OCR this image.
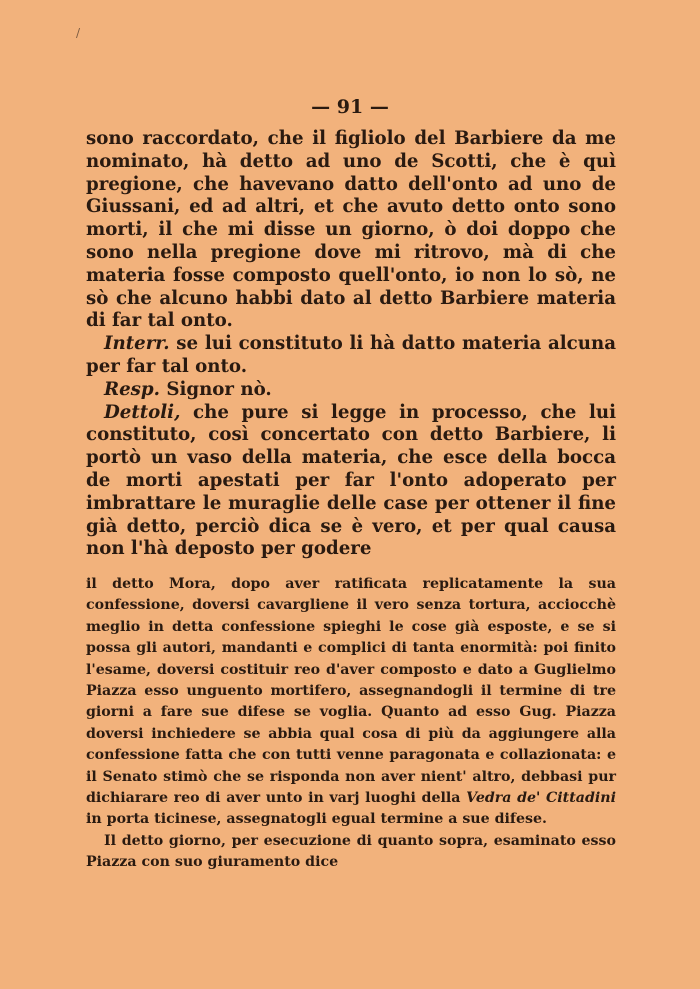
/
— 91 —

sono raccordato, che il figliolo del Barbiere da me nominato, hà detto ad uno de Scotti, che è quì pregione, che havevano datto dell'onto ad uno de Giussani, ed ad altri, et che avuto detto onto sono morti, il che mi disse un giorno, ò doi doppo che sono nella pregione dove mi ritrovo, mà di che materia fosse composto quell'onto, io non lo sò, ne sò che alcuno habbi dato al detto Barbiere materia di far tal onto.

Interr. se lui constituto li hà datto materia alcuna per far tal onto.

Resp. Signor nò.

Dettoli, che pure si legge in processo, che lui constituto, così concertato con detto Barbiere, li portò un vaso della materia, che esce della bocca de morti apestati per far l'onto adoperato per imbrattare le muraglie delle case per ottener il fine già detto, perciò dica se è vero, et per qual causa non l'hà deposto per godere

il detto Mora, dopo aver ratificata replicatamente la sua confessione, doversi cavargliene il vero senza tortura, acciocchè meglio in detta confessione spieghi le cose già esposte, e se si possa gli autori, mandanti e complici di tanta enormità: poi finito l'esame, doversi costituir reo d'aver composto e dato a Guglielmo Piazza esso unguento mortifero, assegnandogli il termine di tre giorni a fare sue difese se voglia. Quanto ad esso Gug. Piazza doversi inchiedere se abbia qual cosa di più da aggiungere alla confessione fatta che con tutti venne paragonata e collazionata: e il Senato stimò che se risponda non aver nient' altro, debbasi pur dichiarare reo di aver unto in varj luoghi della Vedra de' Cittadini in porta ticinese, assegnatogli egual termine a sue difese.

Il detto giorno, per esecuzione di quanto sopra, esaminato esso Piazza con suo giuramento dice
